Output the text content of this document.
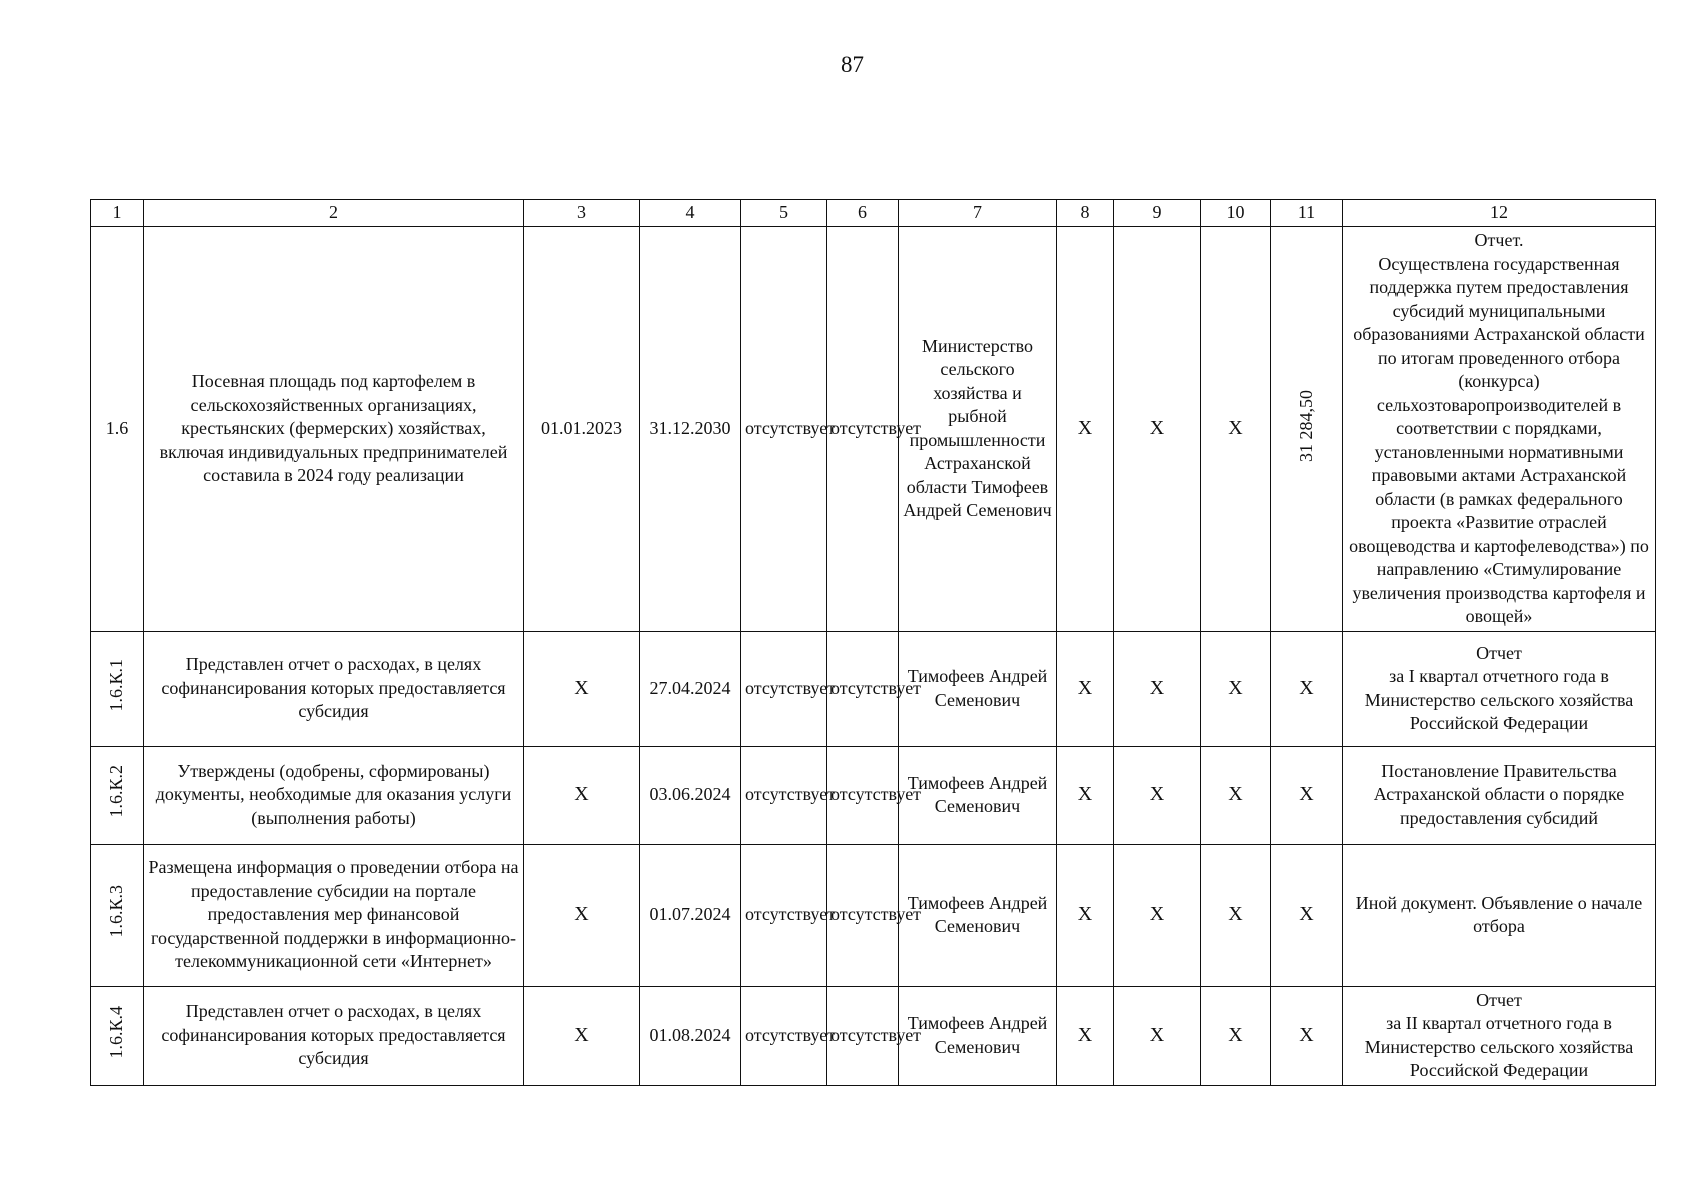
87
1	2	3	4	5	6	7	8	9	10	11	12
1.6	Посевная площадь под картофелем в сельскохозяйственных организациях, крестьянских (фермерских) хозяйствах, включая индивидуальных предпринимателей составила в 2024 году реализации	01.01.2023	31.12.2030	отсутствует	отсутствует	Министерство сельского хозяйства и рыбной промышленности Астраханской области Тимофеев Андрей Семенович	X	X	X	31 284,50	Отчет.
Осуществлена государственная поддержка путем предоставления субсидий муниципальными образованиями Астраханской области по итогам проведенного отбора (конкурса) сельхозтоваропроизводителей в соответствии с порядками, установленными нормативными правовыми актами Астраханской области (в рамках федерального проекта «Развитие отраслей овощеводства и картофелеводства») по направлению «Стимулирование увеличения производства картофеля и овощей»
1.6.К.1	Представлен отчет о расходах, в целях софинансирования которых предоставляется субсидия	X	27.04.2024	отсутствует	отсутствует	Тимофеев Андрей Семенович	X	X	X	X	Отчет
за I квартал отчетного года в Министерство сельского хозяйства Российской Федерации
1.6.К.2	Утверждены (одобрены, сформированы) документы, необходимые для оказания услуги (выполнения работы)	X	03.06.2024	отсутствует	отсутствует	Тимофеев Андрей Семенович	X	X	X	X	Постановление Правительства Астраханской области о порядке предоставления субсидий
1.6.К.3	Размещена информация о проведении отбора на предоставление субсидии на портале предоставления мер финансовой государственной поддержки в информационно-телекоммуникационной сети «Интернет»	X	01.07.2024	отсутствует	отсутствует	Тимофеев Андрей Семенович	X	X	X	X	Иной документ. Объявление о начале отбора
1.6.К.4	Представлен отчет о расходах, в целях софинансирования которых предоставляется субсидия	X	01.08.2024	отсутствует	отсутствует	Тимофеев Андрей Семенович	X	X	X	X	Отчет
за II квартал отчетного года в Министерство сельского хозяйства Российской Федерации
